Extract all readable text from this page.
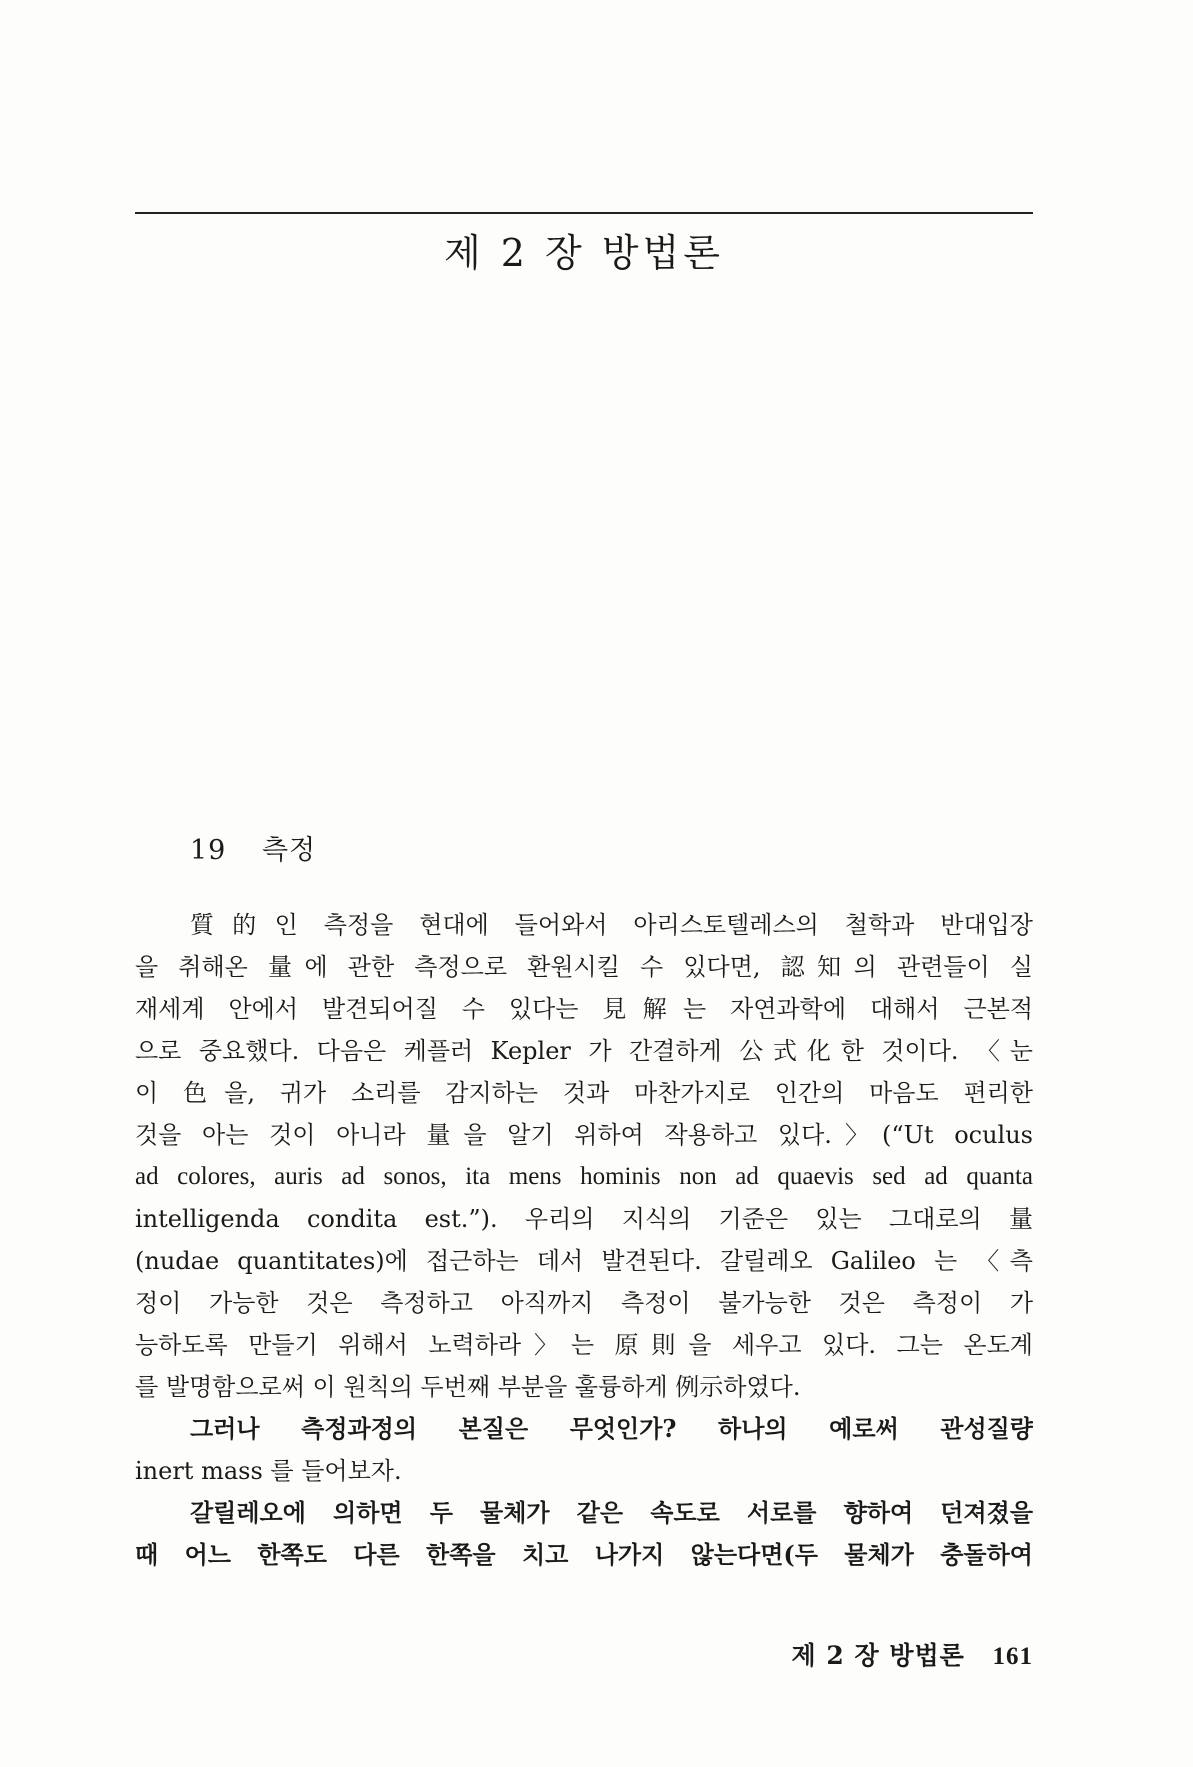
제 2 장 방법론
19 측정
質的인 측정을 현대에 들어와서 아리스토텔레스의 철학과 반대입장
을 취해온 量에 관한 측정으로 환원시킬 수 있다면, 認知의 관련들이 실
재세계 안에서 발견되어질 수 있다는 見解는 자연과학에 대해서 근본적
으로 중요했다. 다음은 케플러 Kepler 가 간결하게 公式化한 것이다. 〈눈
이 色을, 귀가 소리를 감지하는 것과 마찬가지로 인간의 마음도 편리한
것을 아는 것이 아니라 量을 알기 위하여 작용하고 있다.〉(“Ut oculus
ad colores, auris ad sonos, ita mens hominis non ad quaevis sed ad quanta
intelligenda condita est.”). 우리의 지식의 기준은 있는 그대로의 量
(nudae quantitates)에 접근하는 데서 발견된다. 갈릴레오 Galileo 는 〈측
정이 가능한 것은 측정하고 아직까지 측정이 불가능한 것은 측정이 가
능하도록 만들기 위해서 노력하라〉는 原則을 세우고 있다. 그는 온도계
를 발명함으로써 이 원칙의 두번째 부분을 훌륭하게 例示하였다.
그러나 측정과정의 본질은 무엇인가? 하나의 예로써 관성질량
inert mass 를 들어보자.
갈릴레오에 의하면 두 물체가 같은 속도로 서로를 향하여 던져졌을
때 어느 한쪽도 다른 한쪽을 치고 나가지 않는다면(두 물체가 충돌하여
제 2 장 방법론 161
